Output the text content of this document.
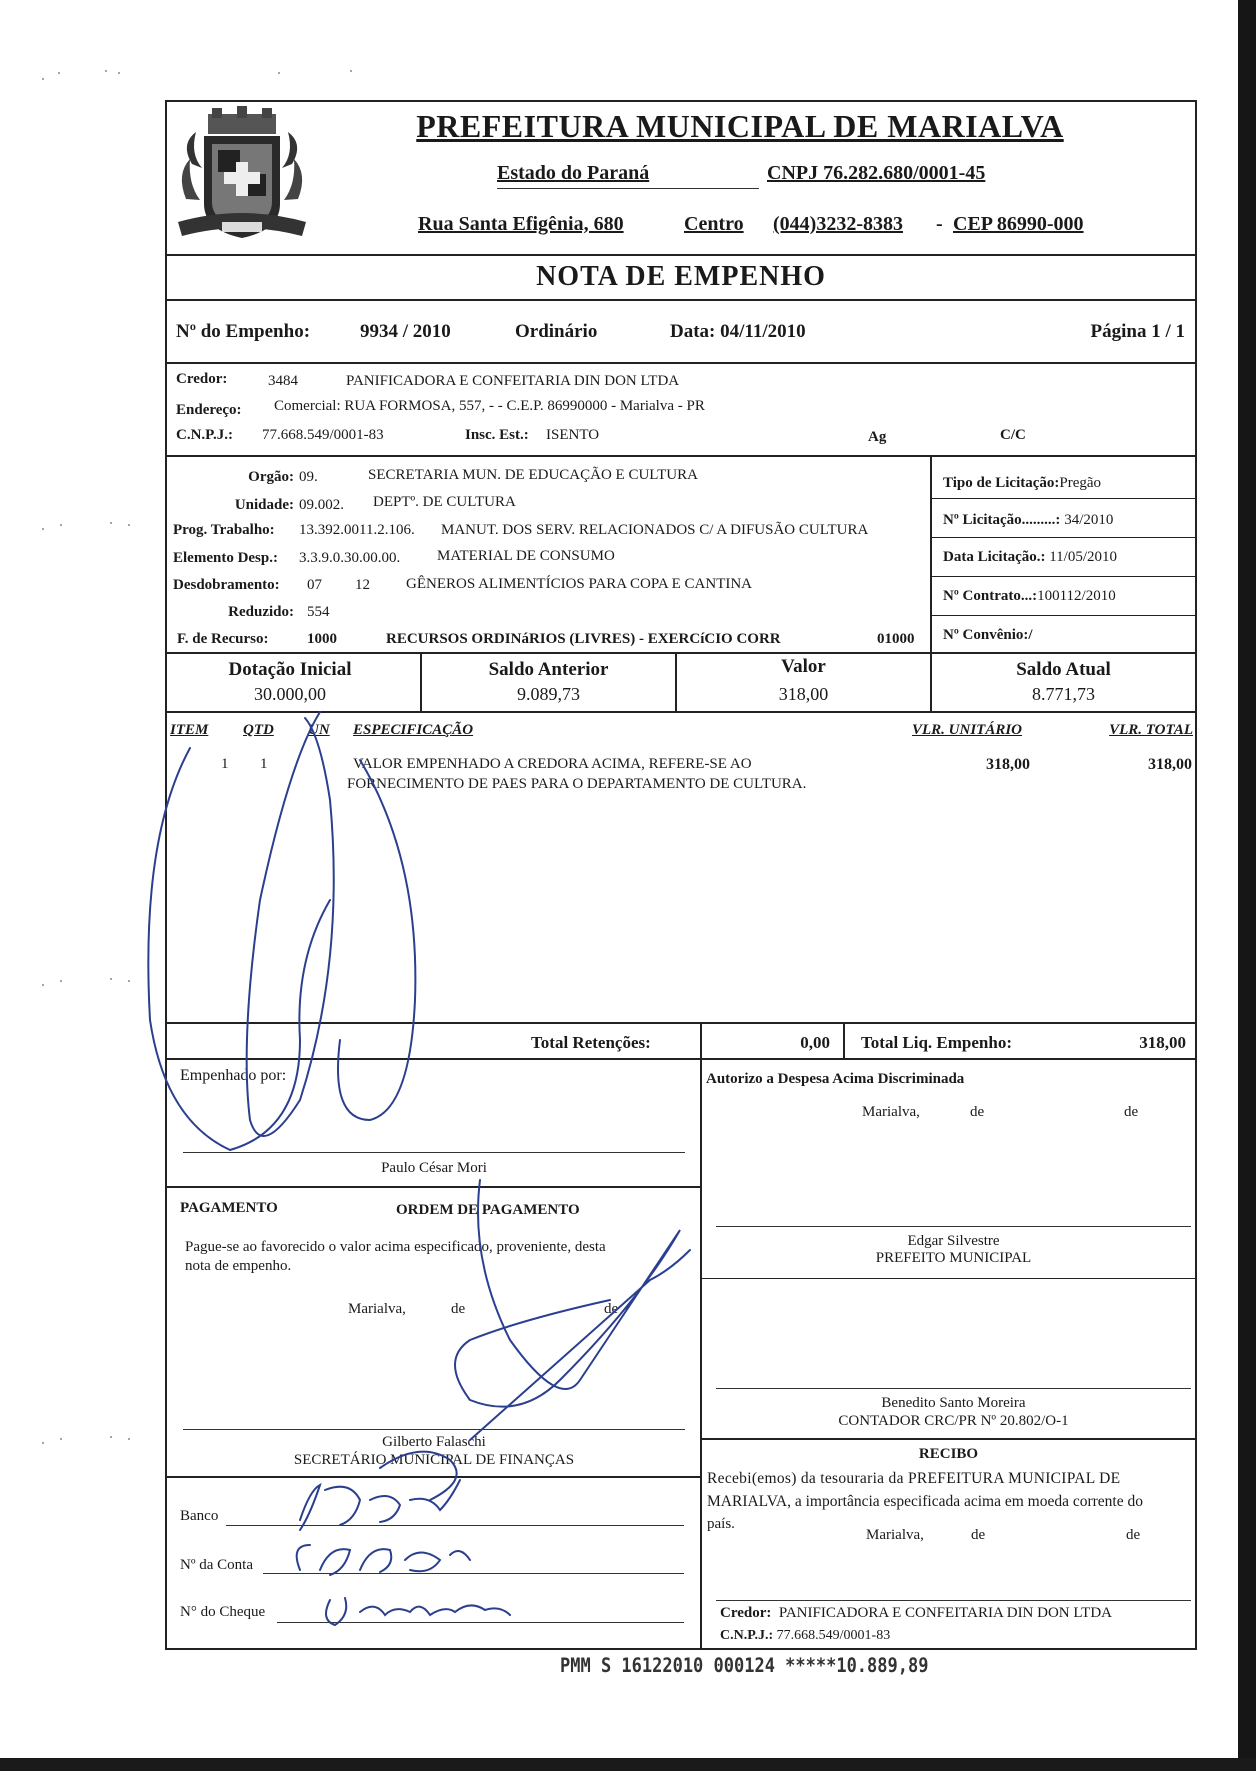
PREFEITURA MUNICIPAL DE MARIALVA
Estado do Paraná	CNPJ 76.282.680/0001-45
Rua Santa Efigênia, 680	Centro (044)3232-8383 - CEP 86990-000
NOTA DE EMPENHO
Nº do Empenho:	9934 / 2010	Ordinário	Data: 04/11/2010	Página 1 / 1
Credor:	3484	PANIFICADORA E CONFEITARIA DIN DON LTDA
Endereço: Comercial: RUA FORMOSA, 557, - - C.E.P. 86990000 - Marialva - PR
C.N.P.J.: 77.668.549/0001-83	Insc. Est.: ISENTO	Ag	C/C
Orgão: 09.	SECRETARIA MUN. DE EDUCAÇÃO E CULTURA
Unidade: 09.002. DEPTº. DE CULTURA
Prog. Trabalho: 13.392.0011.2.106. MANUT. DOS SERV. RELACIONADOS C/ A DIFUSÃO CULTURA
Elemento Desp.: 3.3.9.0.30.00.00. MATERIAL DE CONSUMO
Desdobramento: 07 12 GÊNEROS ALIMENTÍCIOS PARA COPA E CANTINA
Reduzido: 554
F. de Recurso:	1000	RECURSOS ORDINáRIOS (LIVRES) - EXERCíCIO CORR	01000
Tipo de Licitação:Pregão
Nº Licitação.........: 34/2010
Data Licitação.: 11/05/2010
Nº Contrato...:100112/2010
Nº Convênio:/
Dotação Inicial
30.000,00
Saldo Anterior
9.089,73
Valor
318,00
Saldo Atual
8.771,73
ITEM QTD UN ESPECIFICAÇÃO	VLR. UNITÁRIO	VLR. TOTAL
1 1	VALOR EMPENHADO A CREDORA ACIMA, REFERE-SE AO
FORNECIMENTO DE PAES PARA O DEPARTAMENTO DE CULTURA.
318,00	318,00
Total Retenções:	0,00 Total Liq. Empenho:	318,00
Empenhado por:
Paulo César Mori
PAGAMENTO	ORDEM DE PAGAMENTO
Pague-se ao favorecido o valor acima especificado, proveniente, desta
nota de empenho.
Marialva,	de	de
Gilberto Falaschi
SECRETÁRIO MUNICIPAL DE FINANÇAS
Banco
Nº da Conta
N° do Cheque
Autorizo a Despesa Acima Discriminada
Marialva,	de	de
Edgar Silvestre
PREFEITO MUNICIPAL
Benedito Santo Moreira
CONTADOR CRC/PR Nº 20.802/O-1
RECIBO
Recebi(emos) da tesouraria da PREFEITURA MUNICIPAL DE
MARIALVA, a importância especificada acima em moeda corrente do
país.
Marialva,	de	de
Credor: PANIFICADORA E CONFEITARIA DIN DON LTDA
C.N.P.J.: 77.668.549/0001-83
PMM S 16122010 000124 *****10.889,89
